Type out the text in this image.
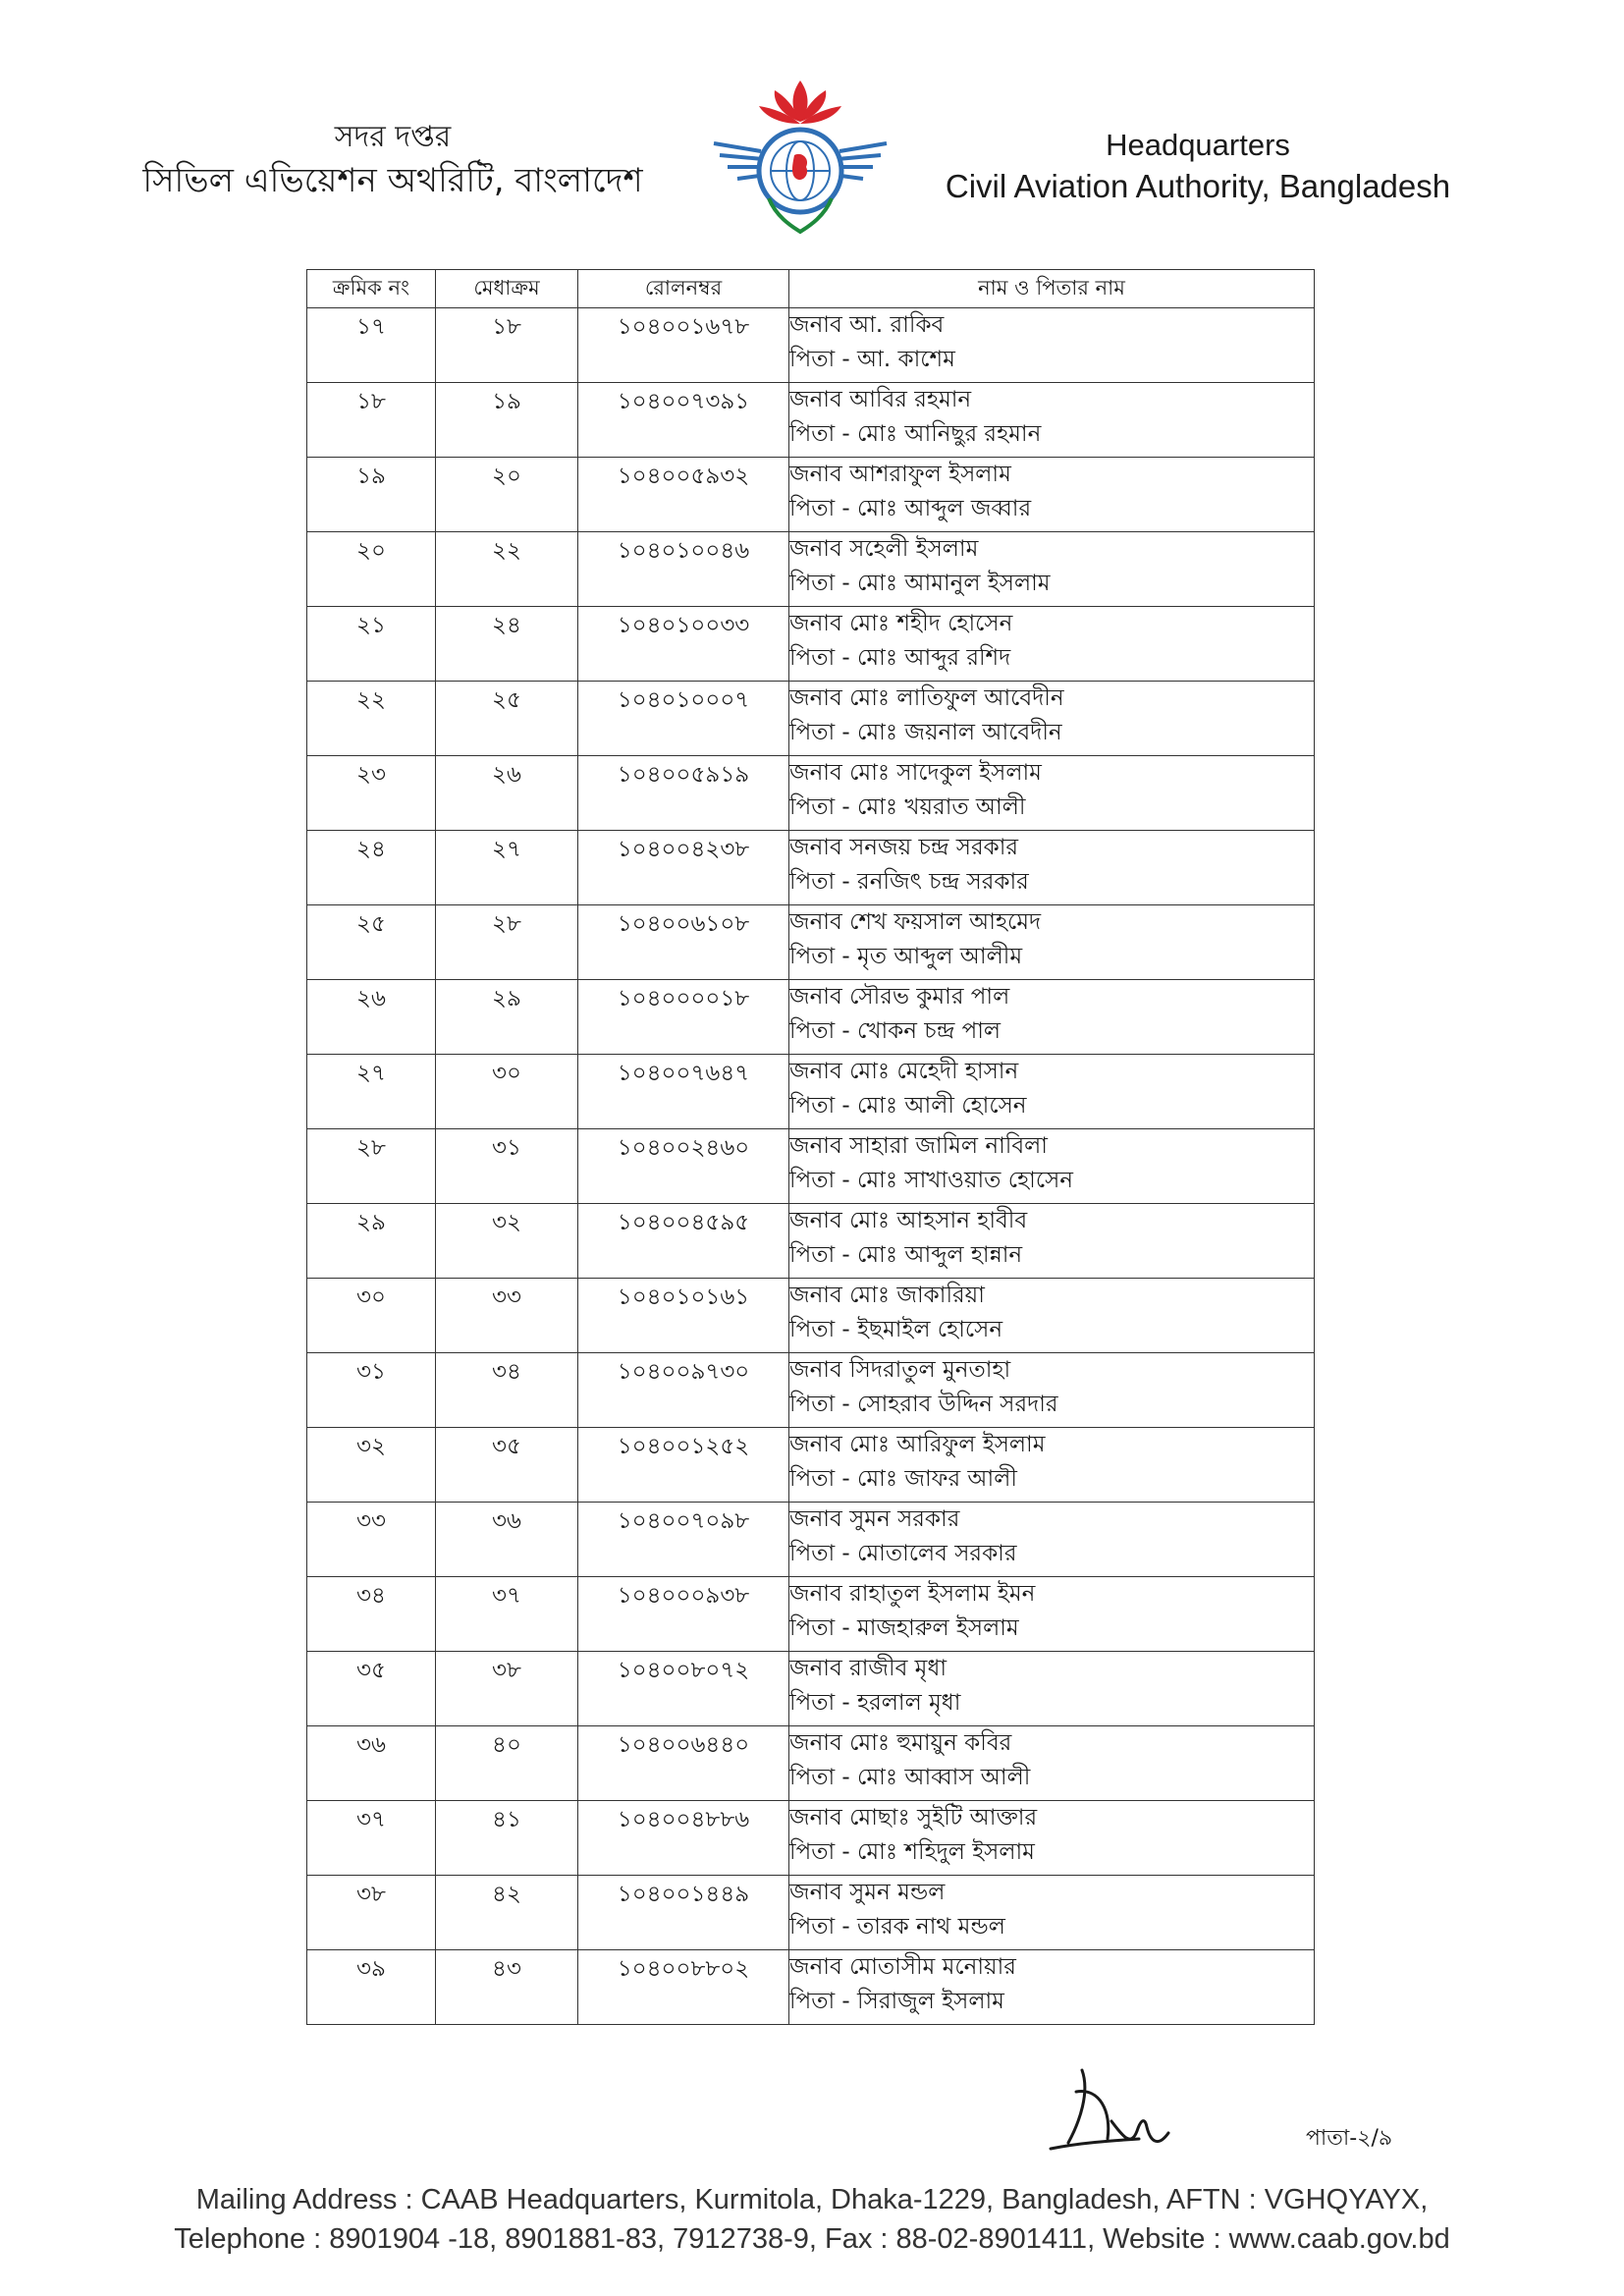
সদর দপ্তর
সিভিল এভিয়েশন অথরিটি, বাংলাদেশ
Headquarters
Civil Aviation Authority, Bangladesh
ক্রমিক নং	মেধাক্রম	রোলনম্বর	নাম ও পিতার নাম
১৭	১৮	১০৪০০১৬৭৮	জনাব আ. রাকিব
পিতা - আ. কাশেম

১৮	১৯	১০৪০০৭৩৯১	জনাব আবির রহমান
পিতা - মোঃ আনিছুর রহমান

১৯	২০	১০৪০০৫৯৩২	জনাব আশরাফুল ইসলাম
পিতা - মোঃ আব্দুল জব্বার

২০	২২	১০৪০১০০৪৬	জনাব সহেলী ইসলাম
পিতা - মোঃ আমানুল ইসলাম

২১	২৪	১০৪০১০০৩৩	জনাব মোঃ শহীদ হোসেন
পিতা - মোঃ আব্দুর রশিদ

২২	২৫	১০৪০১০০০৭	জনাব মোঃ লাতিফুল আবেদীন
পিতা - মোঃ জয়নাল আবেদীন

২৩	২৬	১০৪০০৫৯১৯	জনাব মোঃ সাদেকুল ইসলাম
পিতা - মোঃ খয়রাত আলী

২৪	২৭	১০৪০০৪২৩৮	জনাব সনজয় চন্দ্র সরকার
পিতা - রনজিৎ চন্দ্র সরকার

২৫	২৮	১০৪০০৬১০৮	জনাব শেখ ফয়সাল আহমেদ
পিতা - মৃত আব্দুল আলীম

২৬	২৯	১০৪০০০০১৮	জনাব সৌরভ কুমার পাল
পিতা - খোকন চন্দ্র পাল

২৭	৩০	১০৪০০৭৬৪৭	জনাব মোঃ মেহেদী হাসান
পিতা - মোঃ আলী হোসেন

২৮	৩১	১০৪০০২৪৬০	জনাব সাহারা জামিল নাবিলা
পিতা - মোঃ সাখাওয়াত হোসেন

২৯	৩২	১০৪০০৪৫৯৫	জনাব মোঃ আহসান হাবীব
পিতা - মোঃ আব্দুল হান্নান

৩০	৩৩	১০৪০১০১৬১	জনাব মোঃ জাকারিয়া
পিতা - ইছমাইল হোসেন

৩১	৩৪	১০৪০০৯৭৩০	জনাব সিদরাতুল মুনতাহা
পিতা - সোহরাব উদ্দিন সরদার

৩২	৩৫	১০৪০০১২৫২	জনাব মোঃ আরিফুল ইসলাম
পিতা - মোঃ জাফর আলী

৩৩	৩৬	১০৪০০৭০৯৮	জনাব সুমন সরকার
পিতা - মোতালেব সরকার

৩৪	৩৭	১০৪০০০৯৩৮	জনাব রাহাতুল ইসলাম ইমন
পিতা - মাজহারুল ইসলাম

৩৫	৩৮	১০৪০০৮০৭২	জনাব রাজীব মৃধা
পিতা - হরলাল মৃধা

৩৬	৪০	১০৪০০৬৪৪০	জনাব মোঃ হুমায়ুন কবির
পিতা - মোঃ আব্বাস আলী

৩৭	৪১	১০৪০০৪৮৮৬	জনাব মোছাঃ সুইটি আক্তার
পিতা - মোঃ শহিদুল ইসলাম

৩৮	৪২	১০৪০০১৪৪৯	জনাব সুমন মন্ডল
পিতা - তারক নাথ মন্ডল

৩৯	৪৩	১০৪০০৮৮০২	জনাব মোতাসীম মনোয়ার
পিতা - সিরাজুল ইসলাম
পাতা-২/৯
Mailing Address : CAAB Headquarters, Kurmitola, Dhaka-1229, Bangladesh, AFTN : VGHQYAYX,
Telephone : 8901904 -18, 8901881-83, 7912738-9, Fax : 88-02-8901411, Website : www.caab.gov.bd
